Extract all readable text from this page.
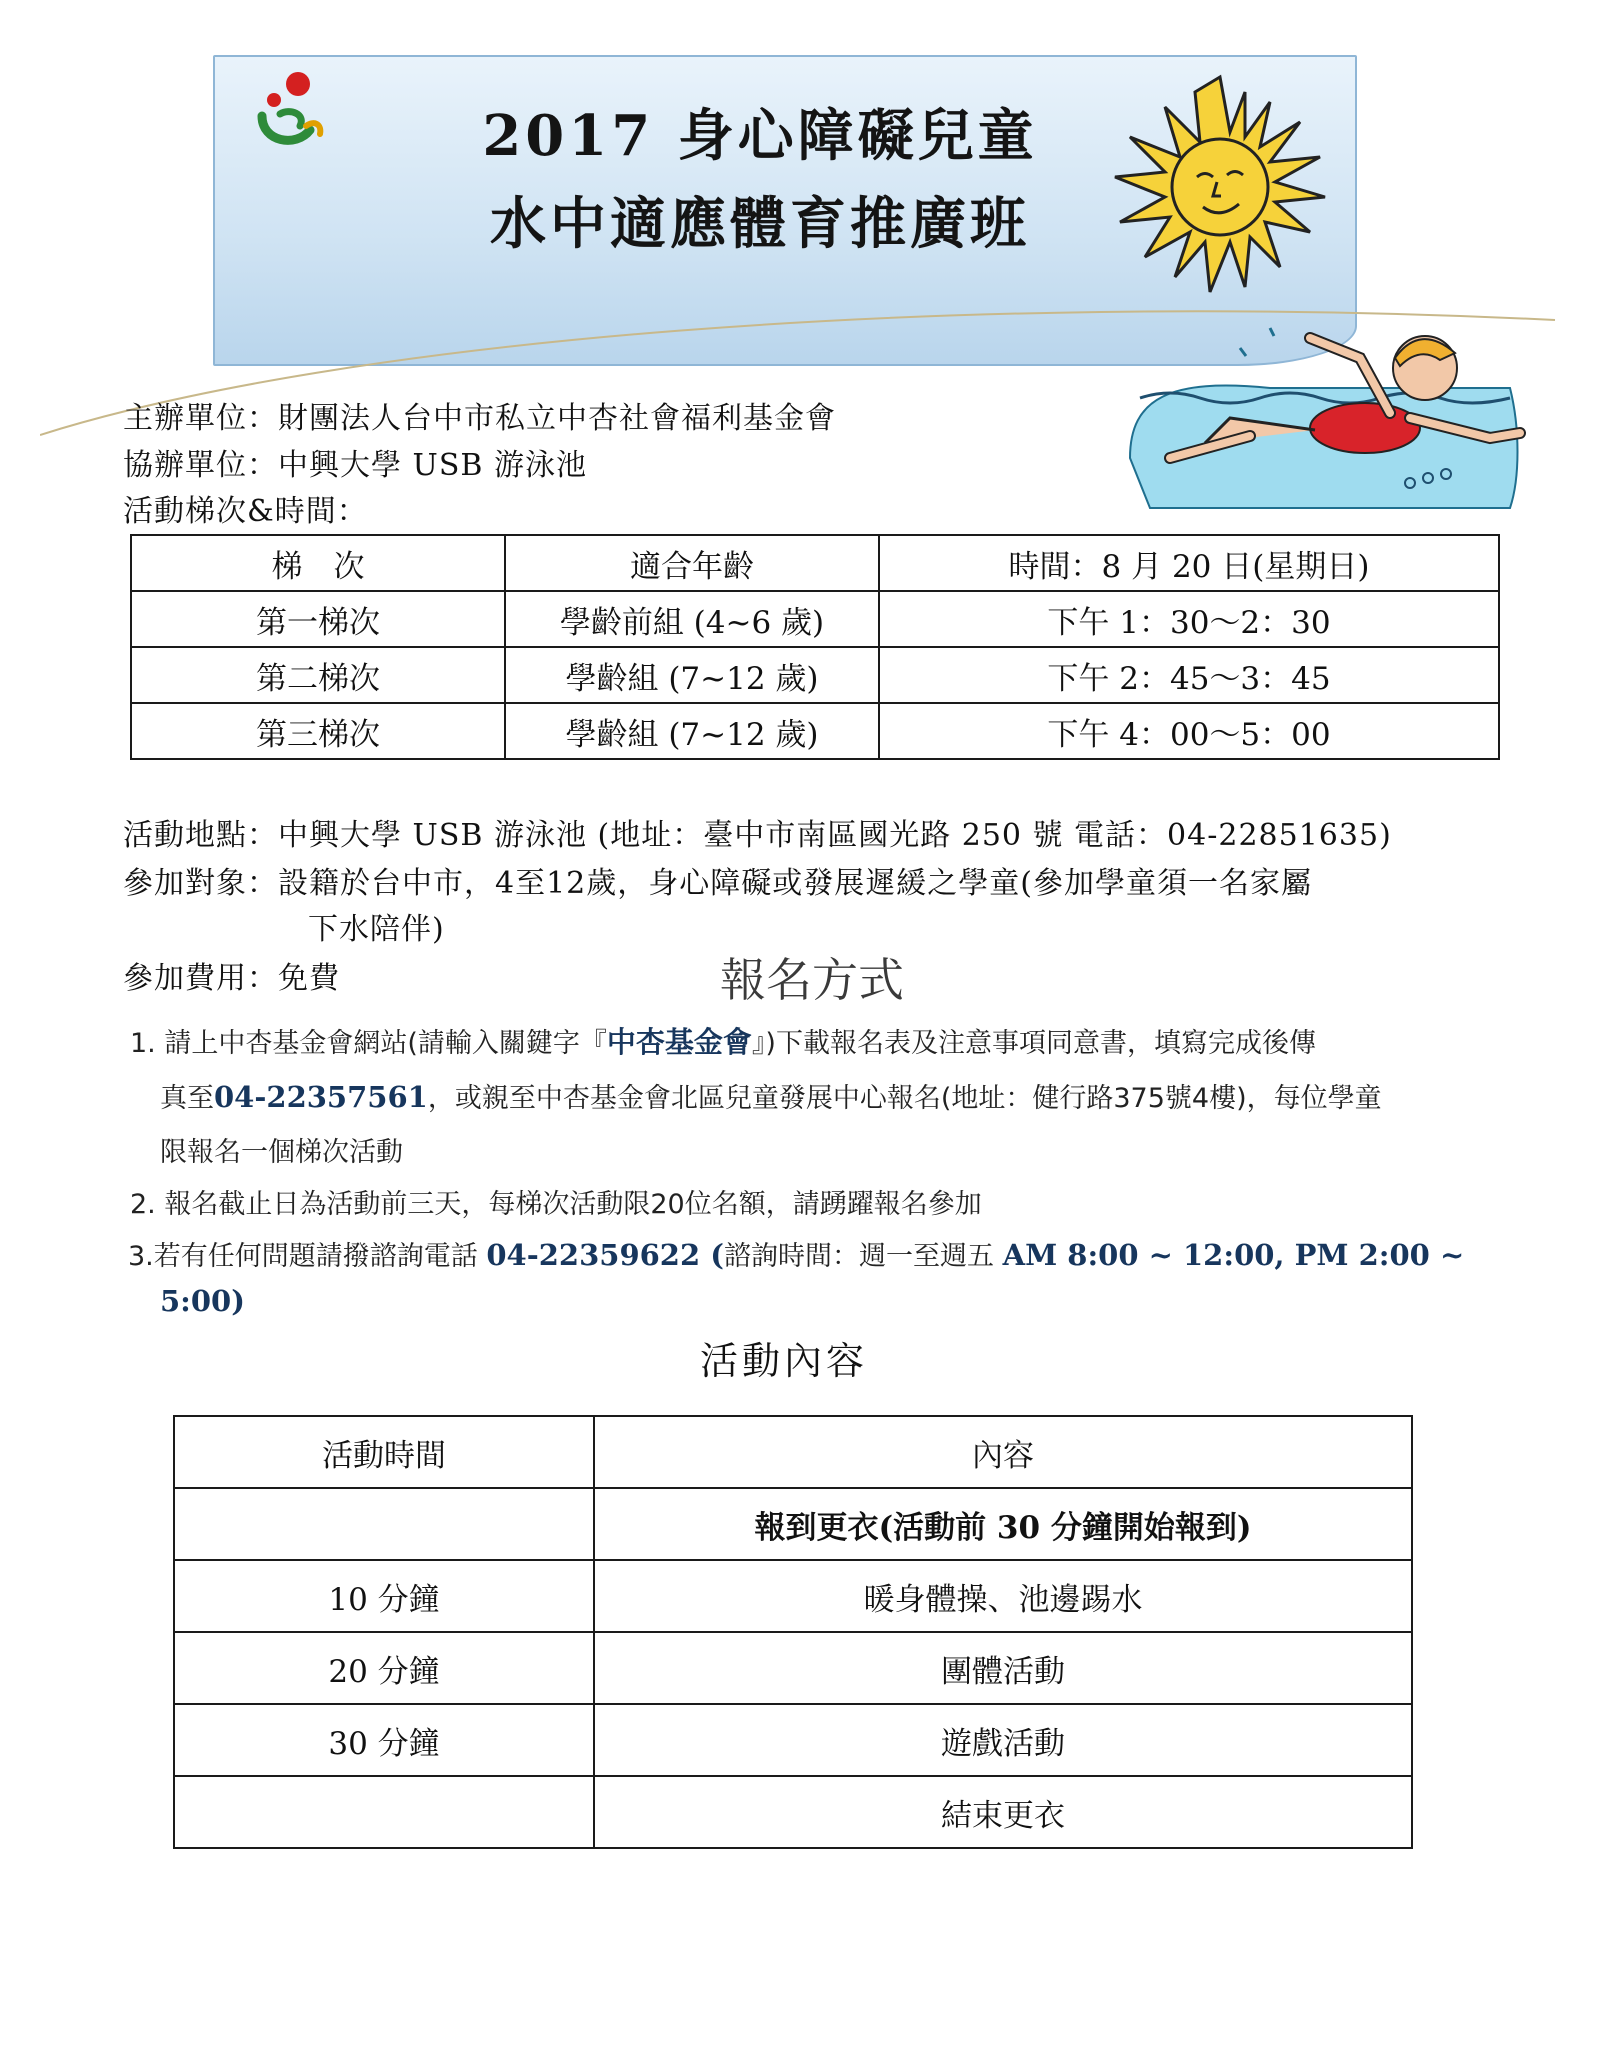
2017 身心障礙兒童
水中適應體育推廣班
主辦單位：財團法人台中市私立中杏社會福利基金會
協辦單位：中興大學 USB 游泳池
活動梯次&時間：
梯　次	適合年齡	時間：8 月 20 日(星期日)
第一梯次	學齡前組 (4~6 歲)	下午 1：30～2：30
第二梯次	學齡組 (7~12 歲)	下午 2：45～3：45
第三梯次	學齡組 (7~12 歲)	下午 4：00～5：00
活動地點：中興大學 USB 游泳池 (地址：臺中市南區國光路 250 號 電話：04-22851635)
參加對象：設籍於台中市，4至12歲，身心障礙或發展遲緩之學童(參加學童須一名家屬
下水陪伴)
參加費用：免費	報名方式
1. 請上中杏基金會網站(請輸入關鍵字『中杏基金會』)下載報名表及注意事項同意書，填寫完成後傳
真至04-22357561，或親至中杏基金會北區兒童發展中心報名(地址：健行路375號4樓)，每位學童
限報名一個梯次活動
2. 報名截止日為活動前三天，每梯次活動限20位名額，請踴躍報名參加
3.若有任何問題請撥諮詢電話 04-22359622 (諮詢時間：週一至週五 AM 8:00 ~ 12:00, PM 2:00 ~
5:00)
活動內容
活動時間	內容
	報到更衣(活動前 30 分鐘開始報到)
10 分鐘	暖身體操、池邊踢水
20 分鐘	團體活動
30 分鐘	遊戲活動
	結束更衣
